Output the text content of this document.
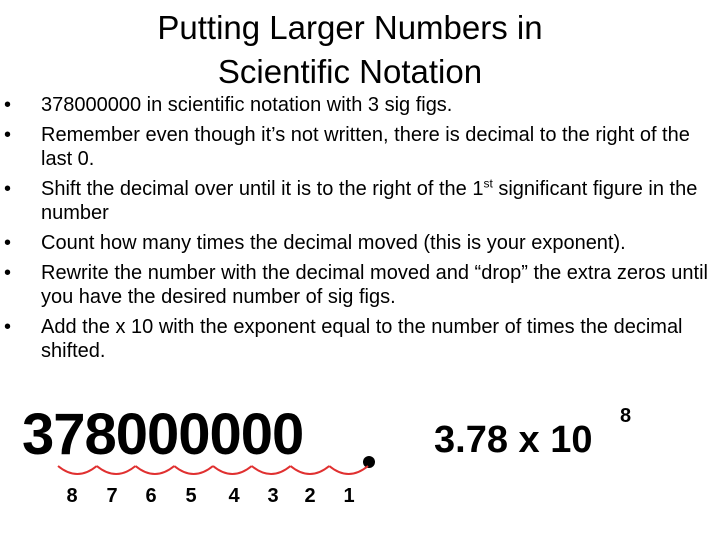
Putting Larger Numbers in
Scientific Notation
•	378000000 in scientific notation with 3 sig figs.
•	Remember even though it’s not written, there is decimal to the right of the last 0.
•	Shift the decimal over until it is to the right of the 1st significant figure in the number
•	Count how many times the decimal moved (this is your exponent).
•	Rewrite the number with the decimal moved and “drop” the extra zeros until you have the desired number of sig figs.
•	Add the x 10 with the exponent equal to the number of times the decimal shifted.
378000000
8 7 6 5 4 3 2 1
3.78 x 10
8
